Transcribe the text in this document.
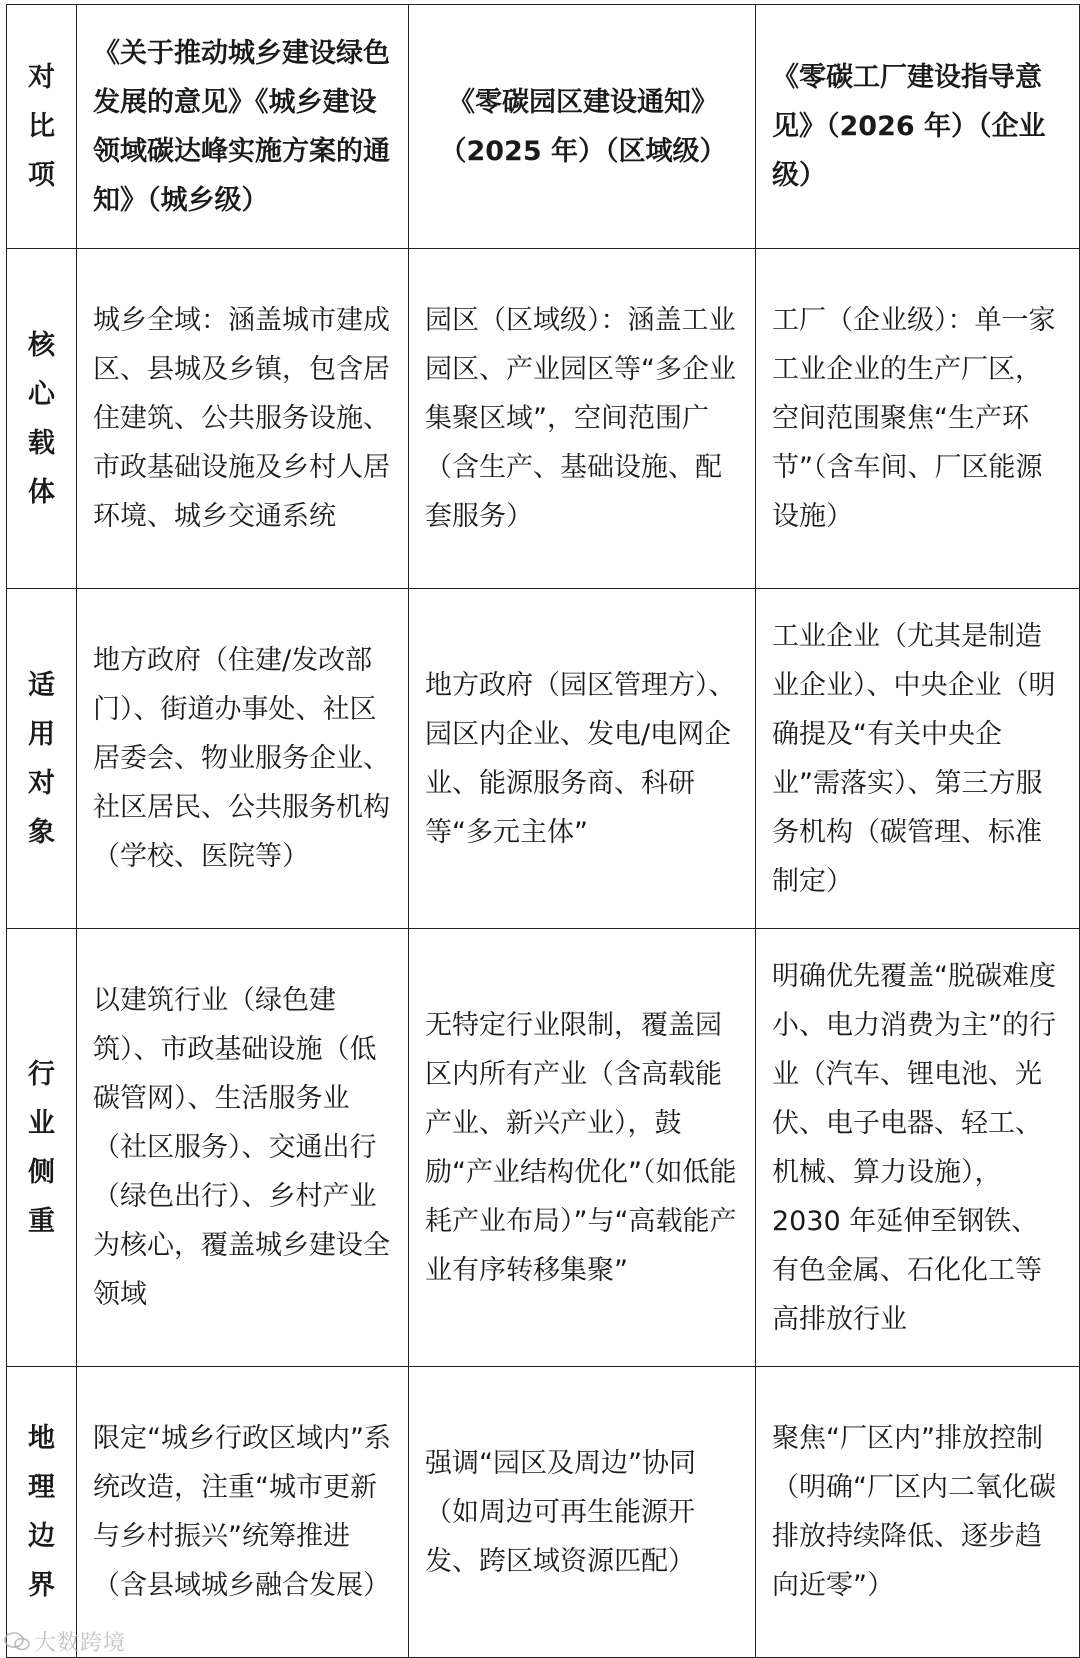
对比项	《关于推动城乡建设绿色发展的意见》《城乡建设领域碳达峰实施方案的通知》（城乡级）	《零碳园区建设通知》（2025 年）（区域级）	《零碳工厂建设指导意见》（2026 年）（企业级）
核心载体	城乡全域：涵盖城市建成区、县城及乡镇，包含居住建筑、公共服务设施、市政基础设施及乡村人居环境、城乡交通系统	园区（区域级）：涵盖工业园区、产业园区等“多企业集聚区域”，空间范围广（含生产、基础设施、配套服务）	工厂（企业级）：单一家工业企业的生产厂区，空间范围聚焦“生产环节”（含车间、厂区能源设施）
适用对象	地方政府（住建/发改部门）、街道办事处、社区居委会、物业服务企业、社区居民、公共服务机构（学校、医院等）	地方政府（园区管理方）、园区内企业、发电/电网企业、能源服务商、科研等“多元主体”	工业企业（尤其是制造业企业）、中央企业（明确提及“有关中央企业”需落实）、第三方服务机构（碳管理、标准制定）
行业侧重	以建筑行业（绿色建筑）、市政基础设施（低碳管网）、生活服务业（社区服务）、交通出行（绿色出行）、乡村产业为核心，覆盖城乡建设全领域	无特定行业限制，覆盖园区内所有产业（含高载能产业、新兴产业），鼓励“产业结构优化”（如低能耗产业布局）”与“高载能产业有序转移集聚”	明确优先覆盖“脱碳难度小、电力消费为主”的行业（汽车、锂电池、光伏、电子电器、轻工、机械、算力设施），2030 年延伸至钢铁、有色金属、石化化工等高排放行业
地理边界	限定“城乡行政区域内”系统改造，注重“城市更新与乡村振兴”统筹推进（含县域城乡融合发展）	强调“园区及周边”协同（如周边可再生能源开发、跨区域资源匹配）	聚焦“厂区内”排放控制（明确“厂区内二氧化碳排放持续降低、逐步趋向近零”）
大数跨境
